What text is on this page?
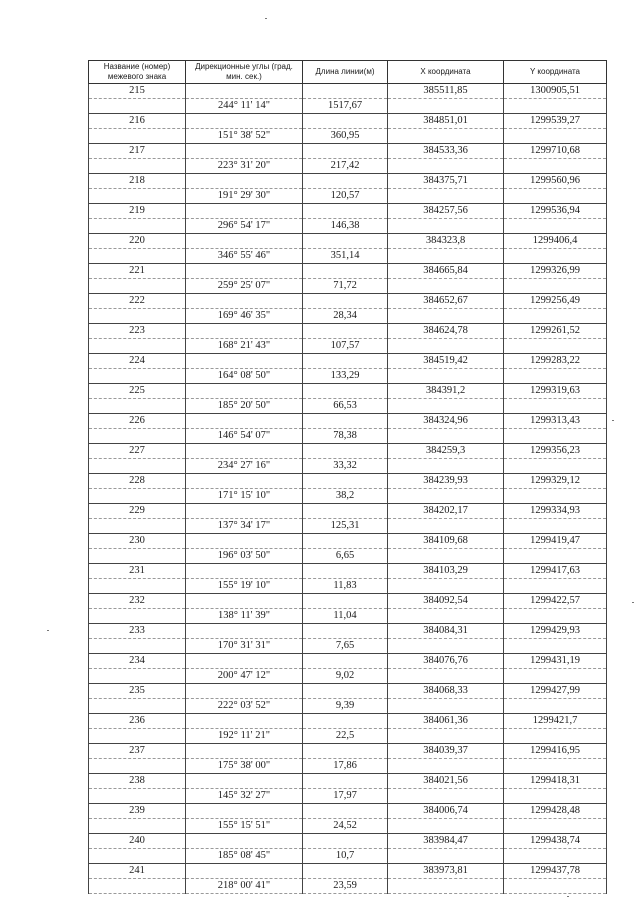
Название (номер) межевого знака	Дирекционные углы (град. мин. сек.)	Длина линии(м)	X координата	Y координата
215			385511,85	1300905,51
	244° 11' 14"	1517,67		
216			384851,01	1299539,27
	151° 38' 52"	360,95		
217			384533,36	1299710,68
	223° 31' 20"	217,42		
218			384375,71	1299560,96
	191° 29' 30"	120,57		
219			384257,56	1299536,94
	296° 54' 17"	146,38		
220			384323,8	1299406,4
	346° 55' 46"	351,14		
221			384665,84	1299326,99
	259° 25' 07"	71,72		
222			384652,67	1299256,49
	169° 46' 35"	28,34		
223			384624,78	1299261,52
	168° 21' 43"	107,57		
224			384519,42	1299283,22
	164° 08' 50"	133,29		
225			384391,2	1299319,63
	185° 20' 50"	66,53		
226			384324,96	1299313,43
	146° 54' 07"	78,38		
227			384259,3	1299356,23
	234° 27' 16"	33,32		
228			384239,93	1299329,12
	171° 15' 10"	38,2		
229			384202,17	1299334,93
	137° 34' 17"	125,31		
230			384109,68	1299419,47
	196° 03' 50"	6,65		
231			384103,29	1299417,63
	155° 19' 10"	11,83		
232			384092,54	1299422,57
	138° 11' 39"	11,04		
233			384084,31	1299429,93
	170° 31' 31"	7,65		
234			384076,76	1299431,19
	200° 47' 12"	9,02		
235			384068,33	1299427,99
	222° 03' 52"	9,39		
236			384061,36	1299421,7
	192° 11' 21"	22,5		
237			384039,37	1299416,95
	175° 38' 00"	17,86		
238			384021,56	1299418,31
	145° 32' 27"	17,97		
239			384006,74	1299428,48
	155° 15' 51"	24,52		
240			383984,47	1299438,74
	185° 08' 45"	10,7		
241			383973,81	1299437,78
	218° 00' 41"	23,59		
